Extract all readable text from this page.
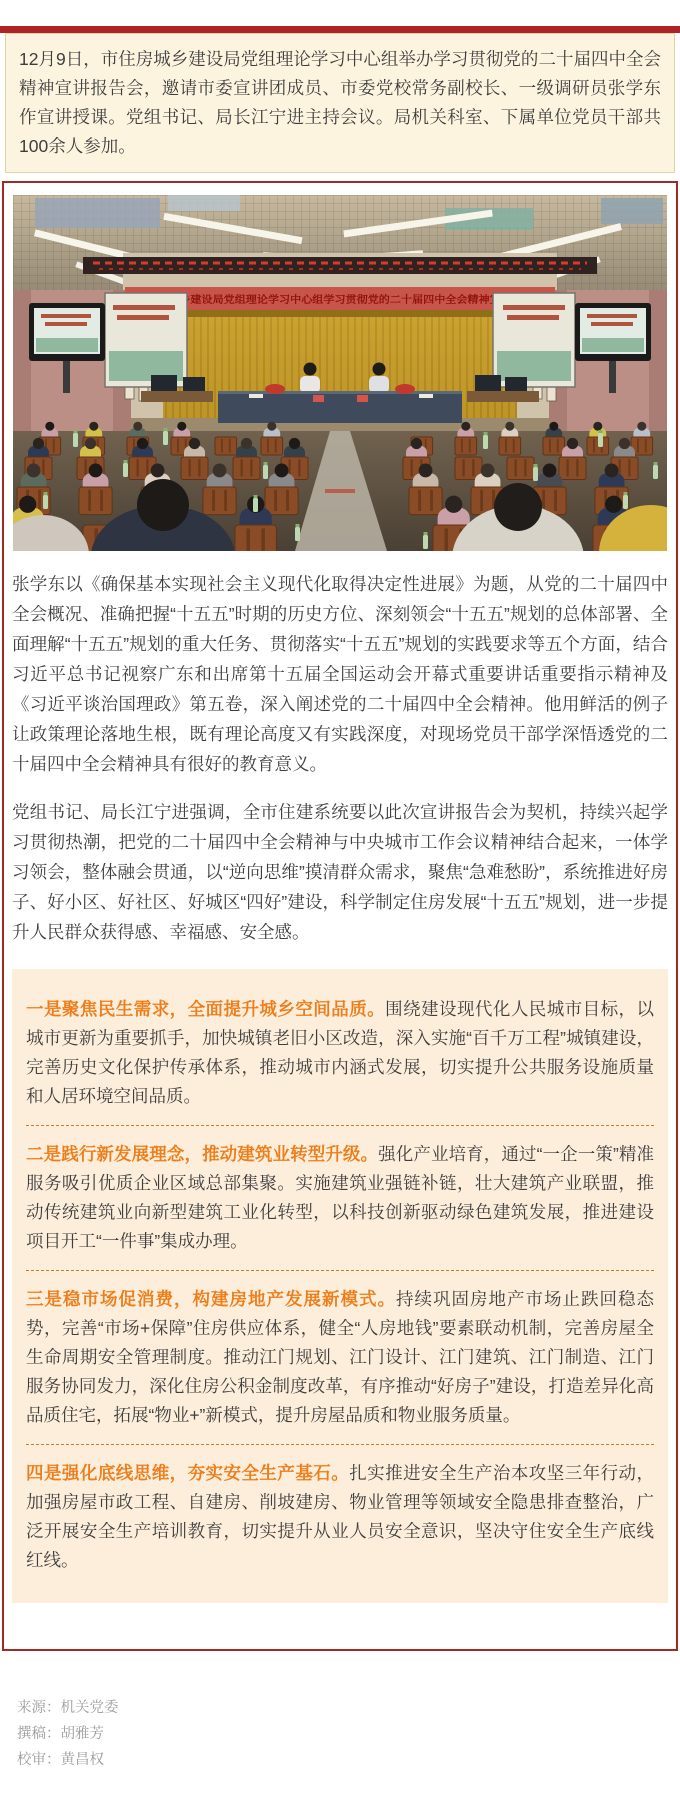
12月9日，市住房城乡建设局党组理论学习中心组举办学习贯彻党的二十届四中全会精神宣讲报告会，邀请市委宣讲团成员、市委党校常务副校长、一级调研员张学东作宣讲授课。党组书记、局长江宁进主持会议。局机关科室、下属单位党员干部共100余人参加。

市住房城乡建设局党组理论学习中心组学习贯彻党的二十届四中全会精神宣讲报告会

张学东以《确保基本实现社会主义现代化取得决定性进展》为题，从党的二十届四中全会概况、准确把握“十五五”时期的历史方位、深刻领会“十五五”规划的总体部署、全面理解“十五五”规划的重大任务、贯彻落实“十五五”规划的实践要求等五个方面，结合习近平总书记视察广东和出席第十五届全国运动会开幕式重要讲话重要指示精神及《习近平谈治国理政》第五卷，深入阐述党的二十届四中全会精神。他用鲜活的例子让政策理论落地生根，既有理论高度又有实践深度，对现场党员干部学深悟透党的二十届四中全会精神具有很好的教育意义。

党组书记、局长江宁进强调，全市住建系统要以此次宣讲报告会为契机，持续兴起学习贯彻热潮，把党的二十届四中全会精神与中央城市工作会议精神结合起来，一体学习领会，整体融会贯通，以“逆向思维”摸清群众需求，聚焦“急难愁盼”，系统推进好房子、好小区、好社区、好城区“四好”建设，科学制定住房发展“十五五”规划，进一步提升人民群众获得感、幸福感、安全感。

一是聚焦民生需求，全面提升城乡空间品质。围绕建设现代化人民城市目标，以城市更新为重要抓手，加快城镇老旧小区改造，深入实施“百千万工程”城镇建设，完善历史文化保护传承体系，推动城市内涵式发展，切实提升公共服务设施质量和人居环境空间品质。

二是践行新发展理念，推动建筑业转型升级。强化产业培育，通过“一企一策”精准服务吸引优质企业区域总部集聚。实施建筑业强链补链，壮大建筑产业联盟，推动传统建筑业向新型建筑工业化转型，以科技创新驱动绿色建筑发展，推进建设项目开工“一件事”集成办理。

三是稳市场促消费，构建房地产发展新模式。持续巩固房地产市场止跌回稳态势，完善“市场+保障”住房供应体系，健全“人房地钱”要素联动机制，完善房屋全生命周期安全管理制度。推动江门规划、江门设计、江门建筑、江门制造、江门服务协同发力，深化住房公积金制度改革，有序推动“好房子”建设，打造差异化高品质住宅，拓展“物业+”新模式，提升房屋品质和物业服务质量。

四是强化底线思维，夯实安全生产基石。扎实推进安全生产治本攻坚三年行动，加强房屋市政工程、自建房、削坡建房、物业管理等领域安全隐患排查整治，广泛开展安全生产培训教育，切实提升从业人员安全意识，坚决守住安全生产底线红线。

来源：机关党委

撰稿：胡雅芳

校审：黄昌权
